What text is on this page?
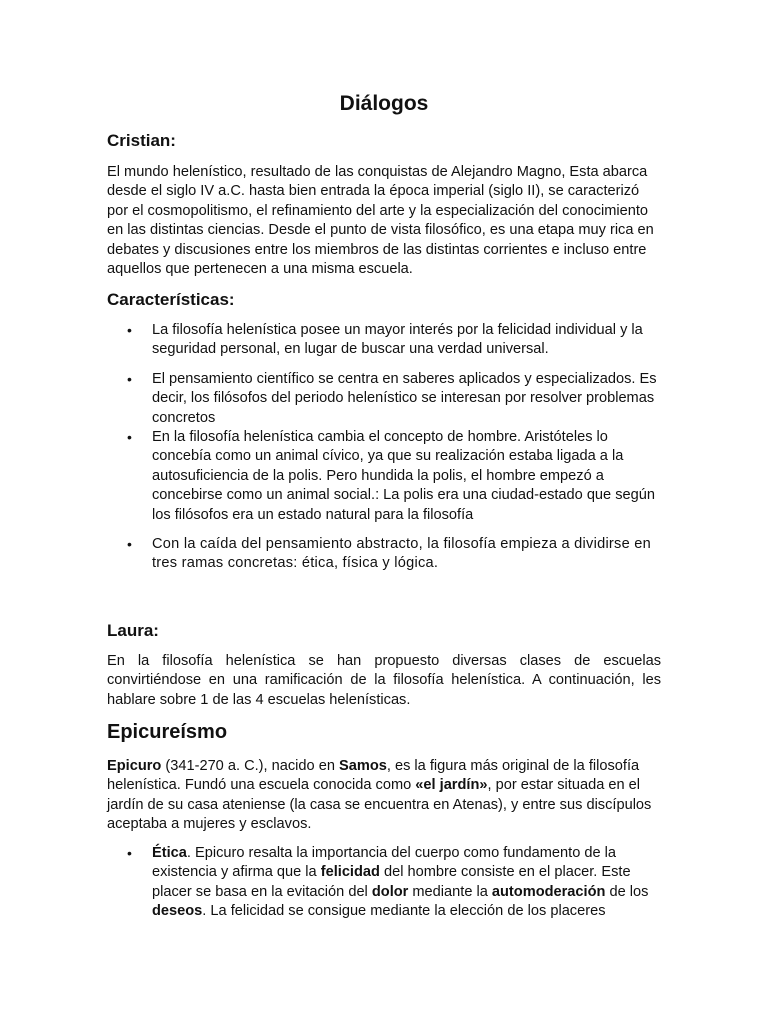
Diálogos
Cristian:

El mundo helenístico, resultado de las conquistas de Alejandro Magno, Esta abarca desde el siglo IV a.C. hasta bien entrada la época imperial (siglo II), se caracterizó por el cosmopolitismo, el refinamiento del arte y la especialización del conocimiento en las distintas ciencias. Desde el punto de vista filosófico, es una etapa muy rica en debates y discusiones entre los miembros de las distintas corrientes e incluso entre aquellos que pertenecen a una misma escuela.

Características:
• La filosofía helenística posee un mayor interés por la felicidad individual y la seguridad personal, en lugar de buscar una verdad universal.
• El pensamiento científico se centra en saberes aplicados y especializados. Es decir, los filósofos del periodo helenístico se interesan por resolver problemas concretos
• En la filosofía helenística cambia el concepto de hombre. Aristóteles lo concebía como un animal cívico, ya que su realización estaba ligada a la autosuficiencia de la polis. Pero hundida la polis, el hombre empezó a concebirse como un animal social.: La polis era una ciudad-estado que según los filósofos era un estado natural para la filosofía
• Con la caída del pensamiento abstracto, la filosofía empieza a dividirse en tres ramas concretas: ética, física y lógica.
Laura:

En la filosofía helenística se han propuesto diversas clases de escuelas convirtiéndose en una ramificación de la filosofía helenística. A continuación, les hablare sobre 1 de las 4 escuelas helenísticas.

Epicureísmo

Epicuro (341-270 a. C.), nacido en Samos, es la figura más original de la filosofía helenística. Fundó una escuela conocida como «el jardín», por estar situada en el jardín de su casa ateniense (la casa se encuentra en Atenas), y entre sus discípulos aceptaba a mujeres y esclavos.

• Ética. Epicuro resalta la importancia del cuerpo como fundamento de la existencia y afirma que la felicidad del hombre consiste en el placer. Este placer se basa en la evitación del dolor mediante la automoderación de los deseos. La felicidad se consigue mediante la elección de los placeres
